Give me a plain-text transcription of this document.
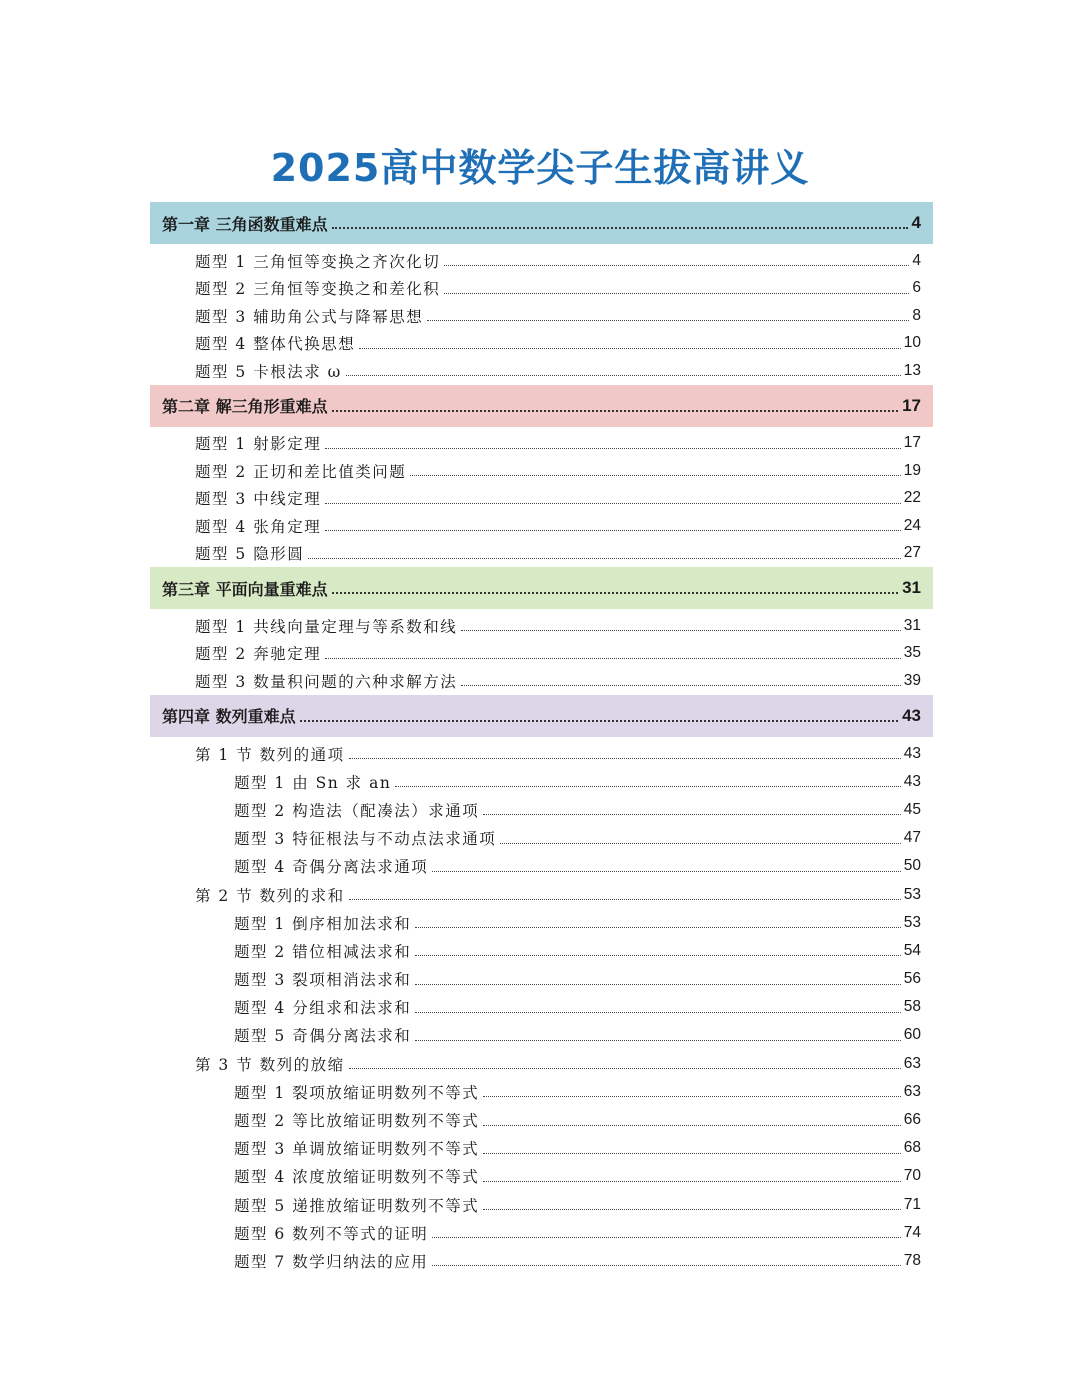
2025高中数学尖子生拔高讲义
第一章 三角函数重难点	4
题型 1 三角恒等变换之齐次化切	4
题型 2 三角恒等变换之和差化积	6
题型 3 辅助角公式与降幂思想	8
题型 4 整体代换思想	10
题型 5 卡根法求 ω	13
第二章 解三角形重难点	17
题型 1 射影定理	17
题型 2 正切和差比值类问题	19
题型 3 中线定理	22
题型 4 张角定理	24
题型 5 隐形圆	27
第三章 平面向量重难点	31
题型 1 共线向量定理与等系数和线	31
题型 2 奔驰定理	35
题型 3 数量积问题的六种求解方法	39
第四章 数列重难点	43
第 1 节 数列的通项	43
题型 1 由 Sn 求 an	43
题型 2 构造法（配凑法）求通项	45
题型 3 特征根法与不动点法求通项	47
题型 4 奇偶分离法求通项	50
第 2 节 数列的求和	53
题型 1 倒序相加法求和	53
题型 2 错位相减法求和	54
题型 3 裂项相消法求和	56
题型 4 分组求和法求和	58
题型 5 奇偶分离法求和	60
第 3 节 数列的放缩	63
题型 1 裂项放缩证明数列不等式	63
题型 2 等比放缩证明数列不等式	66
题型 3 单调放缩证明数列不等式	68
题型 4 浓度放缩证明数列不等式	70
题型 5 递推放缩证明数列不等式	71
题型 6 数列不等式的证明	74
题型 7 数学归纳法的应用	78
